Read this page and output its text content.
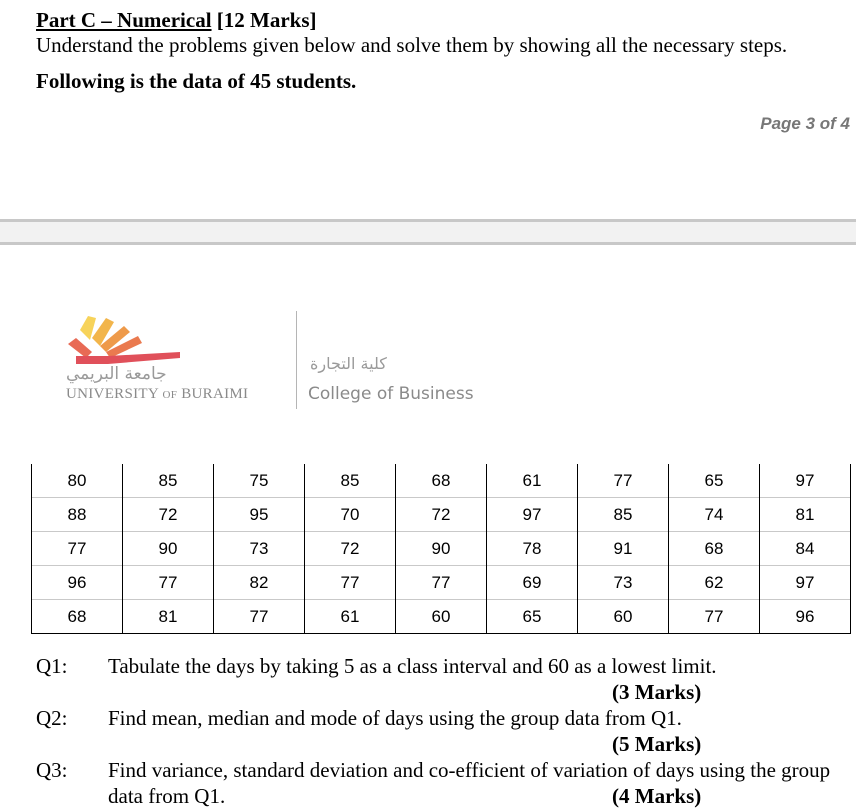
Part C – Numerical [12 Marks]
Understand the problems given below and solve them by showing all the necessary steps.
Following is the data of 45 students.
Page 3 of 4
جامعة البريمي
UNIVERSITY OF BURAIMI
كلية التجارة
College of Business
80	85	75	85	68	61	77	65	97
88	72	95	70	72	97	85	74	81
77	90	73	72	90	78	91	68	84
96	77	82	77	77	69	73	62	97
68	81	77	61	60	65	60	77	96
Q1: Tabulate the days by taking 5 as a class interval and 60 as a lowest limit.
(3 Marks)
Q2: Find mean, median and mode of days using the group data from Q1.
(5 Marks)
Q3: Find variance, standard deviation and co-efficient of variation of days using the group
data from Q1.	(4 Marks)
